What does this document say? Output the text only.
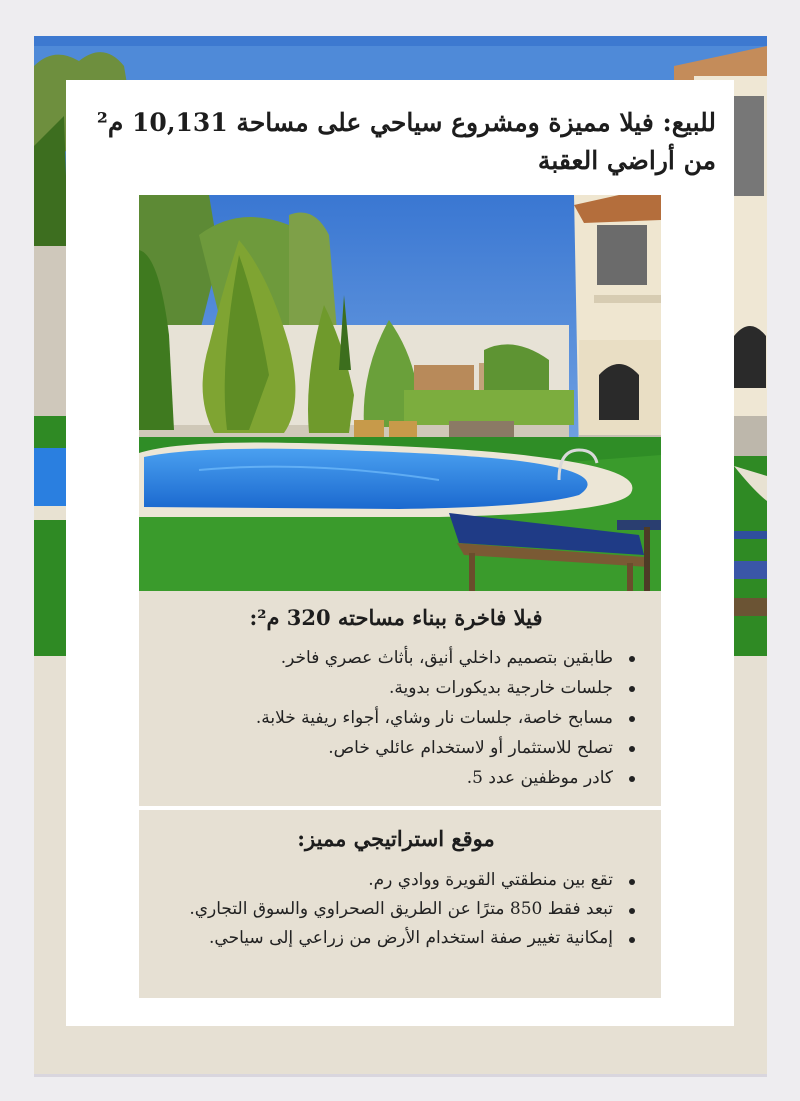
للبيع: فيلا مميزة ومشروع سياحي على مساحة 10,131 م² من أراضي العقبة
فيلا فاخرة ببناء مساحته 320 م²:
طابقين بتصميم داخلي أنيق، بأثاث عصري فاخر.
جلسات خارجية بديكورات بدوية.
مسابح خاصة، جلسات نار وشاي، أجواء ريفية خلابة.
تصلح للاستثمار أو لاستخدام عائلي خاص.
كادر موظفين عدد 5.
موقع استراتيجي مميز:
تقع بين منطقتي القويرة ووادي رم.
تبعد فقط 850 مترًا عن الطريق الصحراوي والسوق التجاري.
إمكانية تغيير صفة استخدام الأرض من زراعي إلى سياحي.
